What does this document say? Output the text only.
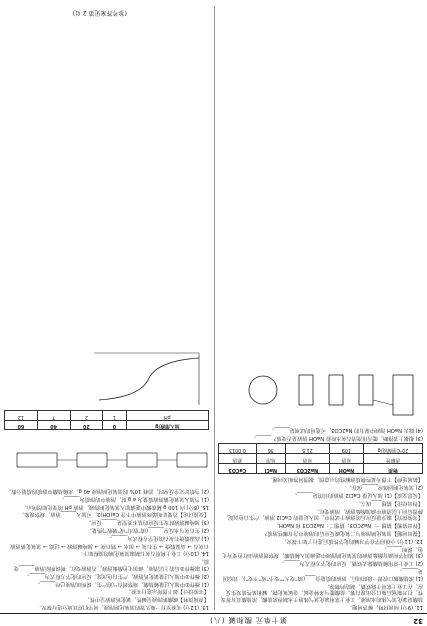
32
第十单元 酸和碱 (八)

11. (9分) 阅读材料，解答问题。

盐酸是氯化氢气体的水溶液，工业上常用氯化氢气体溶于水制得浓盐酸，浓盐酸具有挥发性，打开瓶塞后瓶口会出现白雾。盐酸能与多种金属、金属氧化物、碱和某些盐发生反应，在工业上常用于除铁锈、制造药物等。

(1) 浓盐酸敞口放置一段时间后，溶液的质量会____(填“变大”“变小”或“不变”)，其原因是______。

(2) 工业上常用稀盐酸除去铁锈，反应的化学方程式为______。

(3) 某同学向滴有酚酞溶液的氢氧化钠溶液中逐滴加入稀盐酸，观察到溶液由红色变为无色，说明______。

12. (11分) 小组同学在学习碱的化学性质后进行了如下探究。

【提出问题】氢氧化钠溶液与二氧化碳反应后的溶液中含有哪些溶质？

【作出猜想】猜想一：Na2CO3；猜想二：Na2CO3 和 NaOH。

【实验探究】取少量反应后的溶液于试管中，加入足量的 CaCl2 溶液，产生白色沉淀，静置后向上层清液中滴加酚酞溶液，溶液变红。

【得出结论】猜想____成立。

【反思交流】(1) 加入足量 CaCl2 溶液的目的是______。

(2) 氢氧化钠固体应______保存。

【拓展延伸】下图为某些物质溶解性的示意图，据图回答相关问题。

物质	NaOH	Na2CO3	NaCl	CaCO3
溶解性	易溶	易溶	易溶	难溶
20℃溶解度/g	109	21.5	36	0.0013

(3) 根据上表推断，能否用澄清石灰水检验 NaOH 溶液是否变质？______。

(4) 除去 NaOH 溶液中混有的 Na2CO3，可选用的试剂是______。

13. (12分) 实验室有一瓶久置的氢氧化钠溶液，同学们对其成分进行探究。

【查阅资料】碳酸钠溶液呈碱性，氯化钙溶液呈中性。

【实验设计】如下图所示进行实验。

(1) 操作①中加入过量稀盐酸，观察到有气泡产生，说明该溶液已经______。

(2) 操作②中加入过量氯化钙溶液，产生白色沉淀，反应的化学方程式为______。

(3) 取操作②后的上层清液，滴加无色酚酞溶液，若溶液变红，则说明原溶液______变质。

14. (10分) 工业上利用石灰石制取氢氧化钠的流程如下：

石灰石 → 高温煅烧 → 生石灰 → 加水 → 熟石灰 → 加纯碱溶液 → 过滤 → 氢氧化钠溶液

(1) 高温煅烧石灰石的化学方程式为______。

(2) 生石灰与水反应______(填“放出”或“吸收”)热量。

(3) 加纯碱溶液时发生反应的基本类型是______反应。

【交流讨论】若要证明最终溶液中不含 Ca(OH)2，可加入______溶液，观察现象。

15. (8分) 向 100 g 稀盐酸中逐滴加入氢氧化钠溶液，溶液 pH 的变化如图所示。

(1) 当加入氢氧化钠溶液质量为 a g 时，溶液中的溶质为______。

(2) 当恰好完全反应时，消耗 10% 的氢氧化钠溶液 40 g，求稀盐酸中溶质的质量分数。

加入溶液/g	0	20	40	60
pH	1	2	7	12
(参考答案见第 2 页)
